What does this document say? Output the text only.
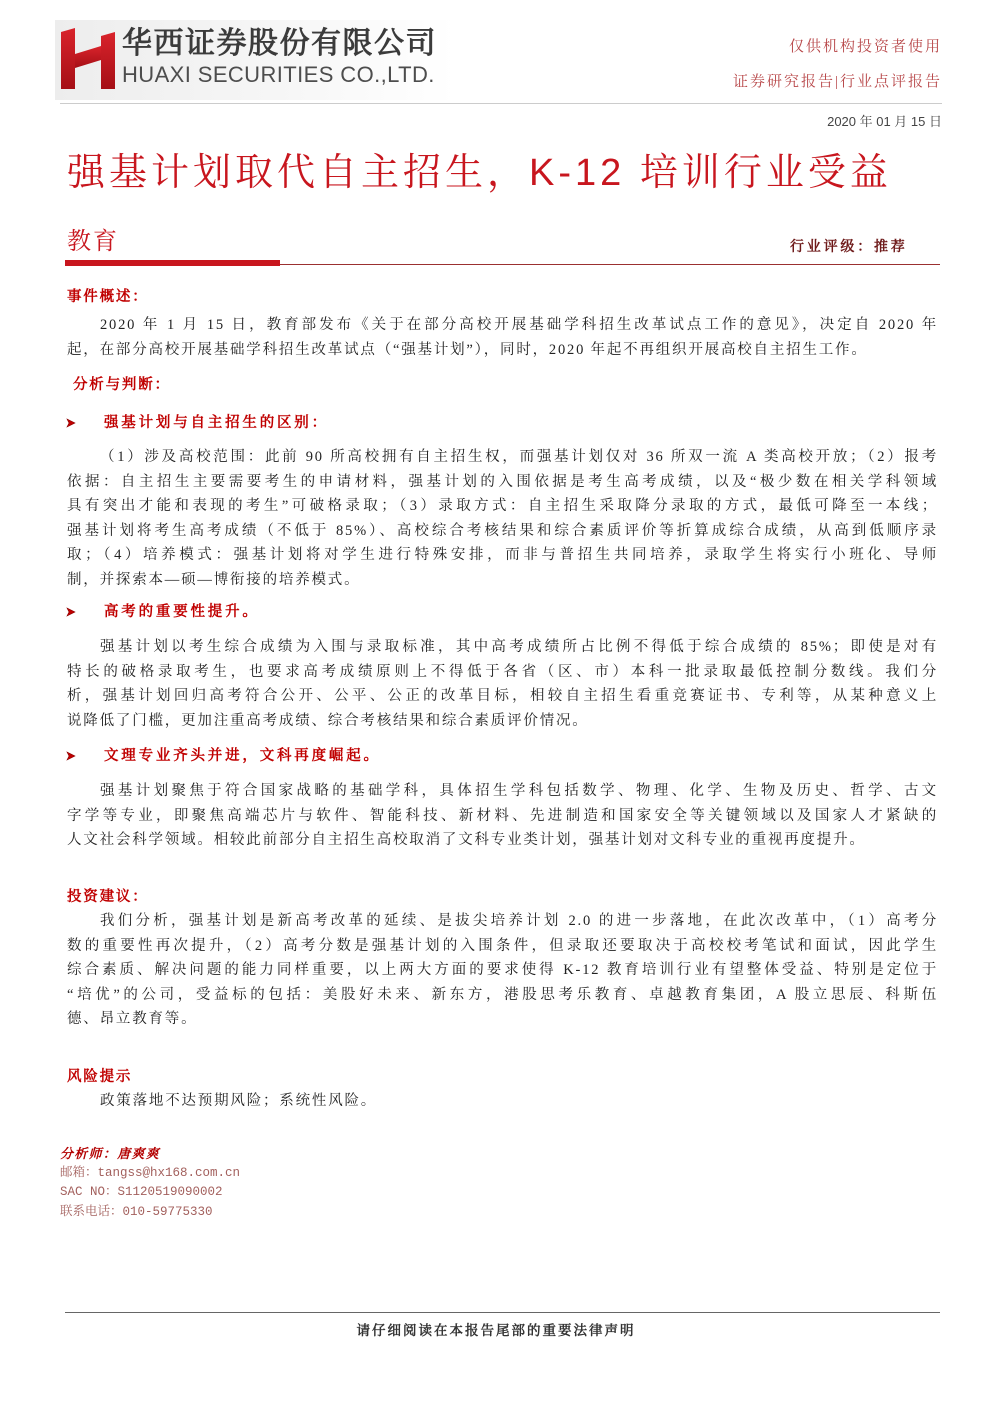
华西证券股份有限公司
HUAXI SECURITIES CO.,LTD.
仅供机构投资者使用
证券研究报告|行业点评报告
2020 年 01 月 15 日
强基计划取代自主招生，K-12 培训行业受益
教育	行业评级：推荐
事件概述：
2020 年 1 月 15 日，教育部发布《关于在部分高校开展基础学科招生改革试点工作的意见》，决定自 2020 年
起，在部分高校开展基础学科招生改革试点（“强基计划”），同时，2020 年起不再组织开展高校自主招生工作。
分析与判断：
强基计划与自主招生的区别：
（1）涉及高校范围：此前 90 所高校拥有自主招生权，而强基计划仅对 36 所双一流 A 类高校开放；（2）报考
依据：自主招生主要需要考生的申请材料，强基计划的入围依据是考生高考成绩，以及“极少数在相关学科领域
具有突出才能和表现的考生”可破格录取；（3）录取方式：自主招生采取降分录取的方式，最低可降至一本线；
强基计划将考生高考成绩（不低于 85%）、高校综合考核结果和综合素质评价等折算成综合成绩，从高到低顺序录
取；（4）培养模式：强基计划将对学生进行特殊安排，而非与普招生共同培养，录取学生将实行小班化、导师
制，并探索本—硕—博衔接的培养模式。
高考的重要性提升。
强基计划以考生综合成绩为入围与录取标准，其中高考成绩所占比例不得低于综合成绩的 85%；即使是对有
特长的破格录取考生，也要求高考成绩原则上不得低于各省（区、市）本科一批录取最低控制分数线。我们分
析，强基计划回归高考符合公开、公平、公正的改革目标，相较自主招生看重竞赛证书、专利等，从某种意义上
说降低了门槛，更加注重高考成绩、综合考核结果和综合素质评价情况。
文理专业齐头并进，文科再度崛起。
强基计划聚焦于符合国家战略的基础学科，具体招生学科包括数学、物理、化学、生物及历史、哲学、古文
字学等专业，即聚焦高端芯片与软件、智能科技、新材料、先进制造和国家安全等关键领域以及国家人才紧缺的
人文社会科学领域。相较此前部分自主招生高校取消了文科专业类计划，强基计划对文科专业的重视再度提升。
投资建议：
我们分析，强基计划是新高考改革的延续、是拔尖培养计划 2.0 的进一步落地，在此次改革中，（1）高考分
数的重要性再次提升，（2）高考分数是强基计划的入围条件，但录取还要取决于高校校考笔试和面试，因此学生
综合素质、解决问题的能力同样重要，以上两大方面的要求使得 K-12 教育培训行业有望整体受益、特别是定位于
“培优”的公司，受益标的包括：美股好未来、新东方，港股思考乐教育、卓越教育集团，A 股立思辰、科斯伍
德、昂立教育等。
风险提示
政策落地不达预期风险；系统性风险。
分析师：唐爽爽
邮箱：tangss@hx168.com.cn
SAC NO：S1120519090002
联系电话：010-59775330
请仔细阅读在本报告尾部的重要法律声明
